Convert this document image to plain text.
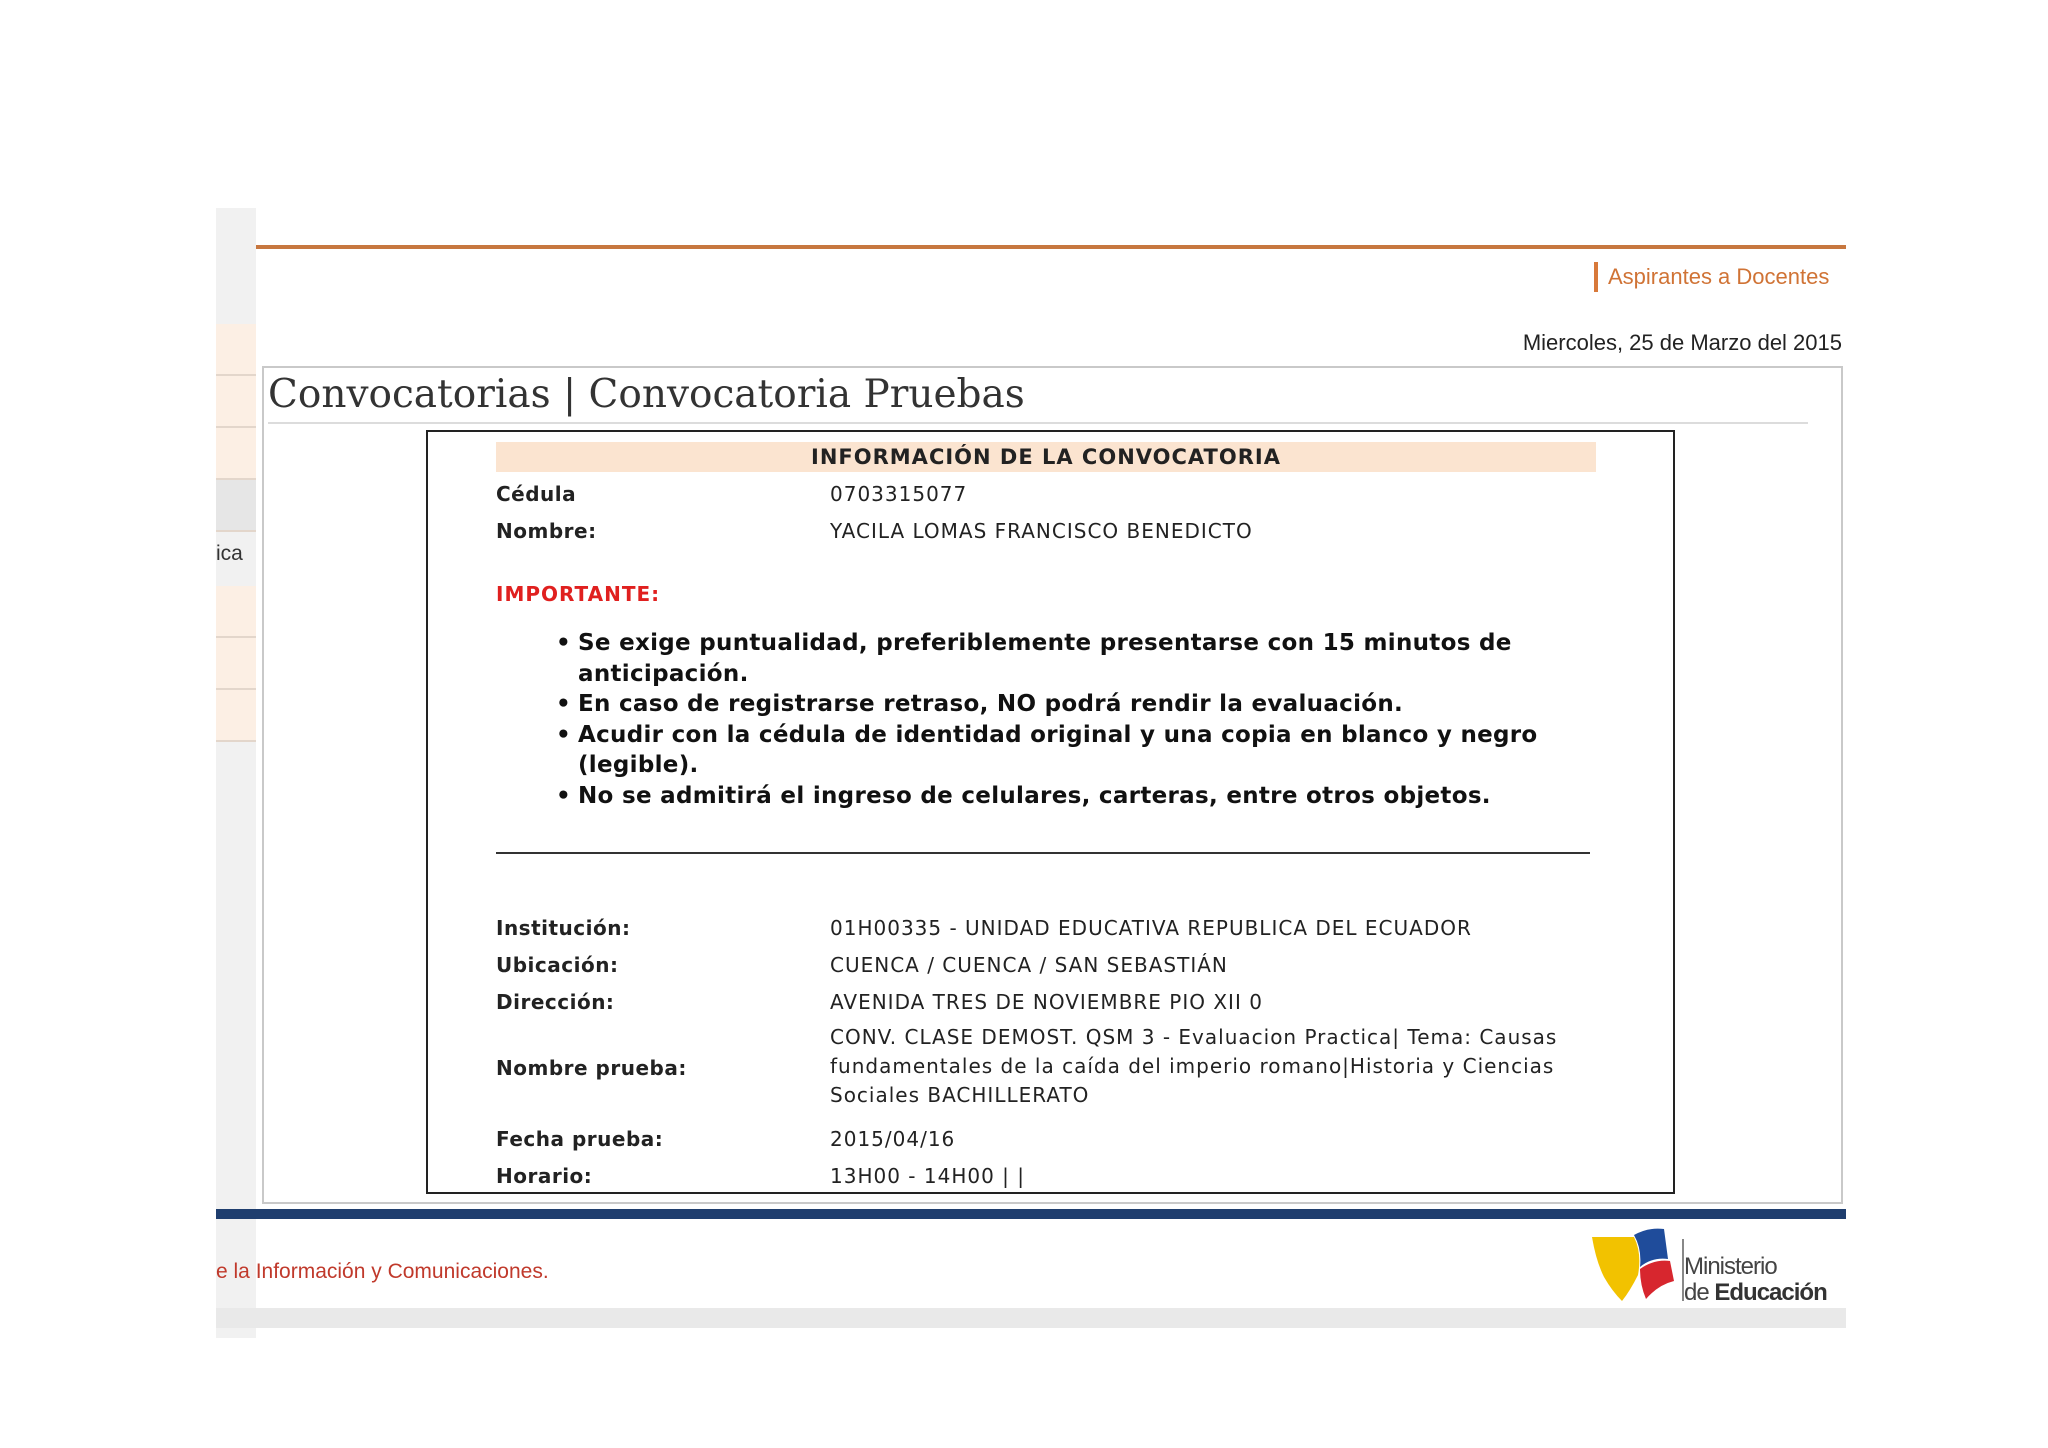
ica
Aspirantes a Docentes
Miercoles, 25 de Marzo del 2015
Convocatorias | Convocatoria Pruebas
INFORMACIÓN DE LA CONVOCATORIA
Cédula	0703315077
Nombre:	YACILA LOMAS FRANCISCO BENEDICTO
IMPORTANTE:
• Se exige puntualidad, preferiblemente presentarse con 15 minutos de anticipación.
• En caso de registrarse retraso, NO podrá rendir la evaluación.
• Acudir con la cédula de identidad original y una copia en blanco y negro (legible).
• No se admitirá el ingreso de celulares, carteras, entre otros objetos.
Institución:	01H00335 - UNIDAD EDUCATIVA REPUBLICA DEL ECUADOR
Ubicación:	CUENCA / CUENCA / SAN SEBASTIÁN
Dirección:	AVENIDA TRES DE NOVIEMBRE PIO XII 0
Nombre prueba:
CONV. CLASE DEMOST. QSM 3 - Evaluacion Practica| Tema: Causas fundamentales de la caída del imperio romano|Historia y Ciencias Sociales BACHILLERATO
Fecha prueba:	2015/04/16
Horario:	13H00 - 14H00 | |
e la Información y Comunicaciones.	Ministerio
de Educación
